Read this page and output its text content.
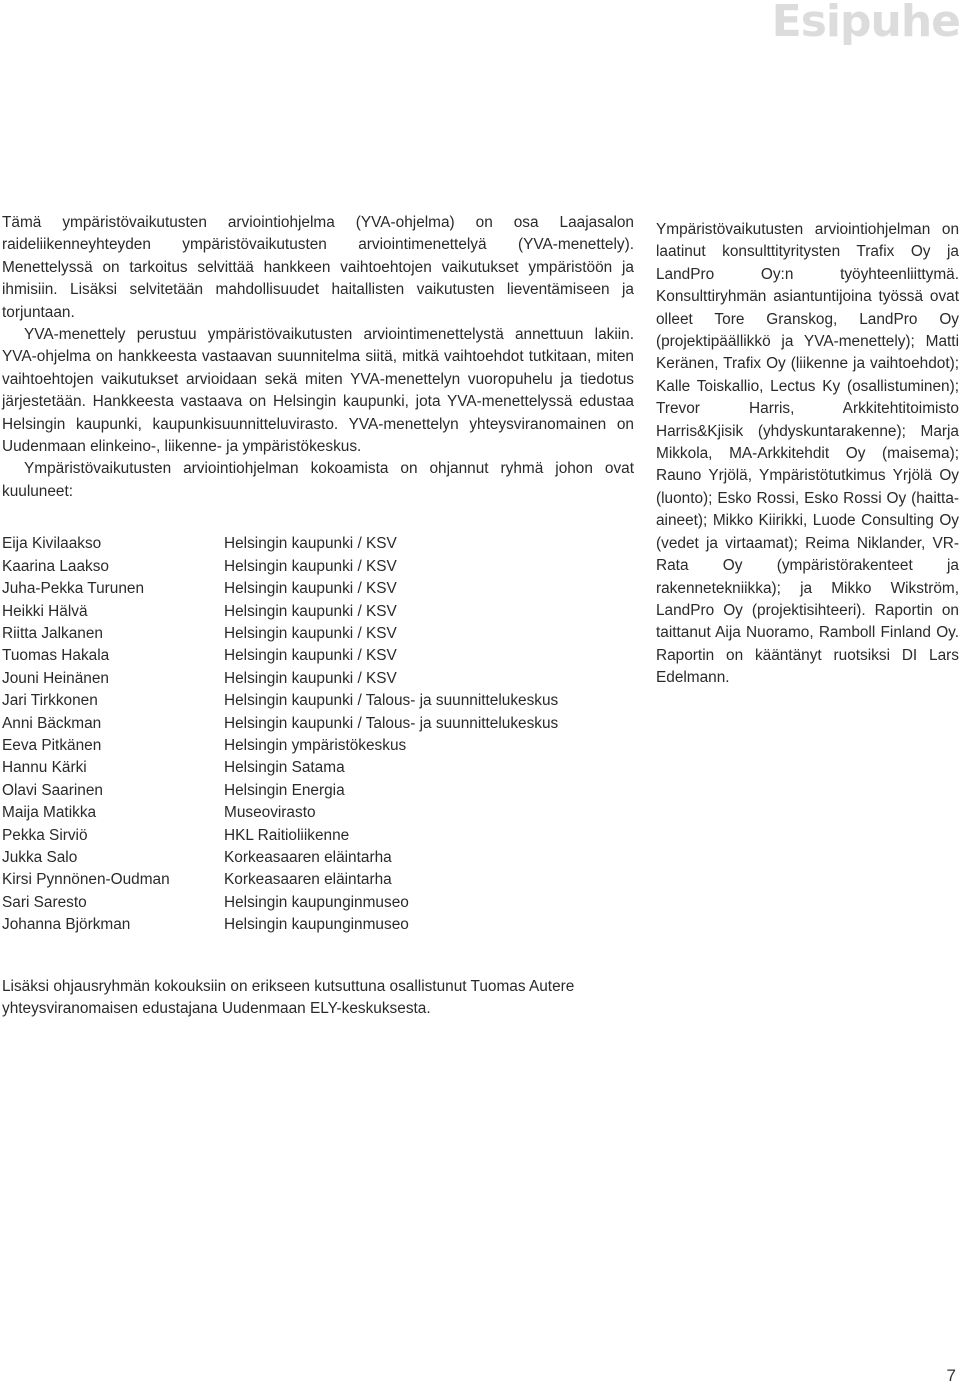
Esipuhe

Tämä ympäristövaikutusten arviointiohjelma (YVA-ohjelma) on osa Laajasalon raideliikenneyhteyden ympäristövaikutusten arviointimenettelyä (YVA-menettely). Menettelyssä on tarkoitus selvittää hankkeen vaihtoehtojen vaikutukset ympäristöön ja ihmisiin. Lisäksi selvitetään mahdollisuudet haitallisten vaikutusten lieventämiseen ja torjuntaan.

YVA-menettely perustuu ympäristövaikutusten arviointimenettelystä annettuun lakiin. YVA-ohjelma on hankkeesta vastaavan suunnitelma siitä, mitkä vaihtoehdot tutkitaan, miten vaihtoehtojen vaikutukset arvioidaan sekä miten YVA-menettelyn vuoropuhelu ja tiedotus järjestetään. Hankkeesta vastaava on Helsingin kaupunki, jota YVA-menettelyssä edustaa Helsingin kaupunki, kaupunkisuunnitteluvirasto. YVA-menettelyn yhteysviranomainen on Uudenmaan elinkeino-, liikenne- ja ympäristökeskus.

Ympäristövaikutusten arviointiohjelman kokoamista on ohjannut ryhmä johon ovat kuuluneet:

Eija Kivilaakso	Helsingin kaupunki / KSV
Kaarina Laakso	Helsingin kaupunki / KSV
Juha-Pekka Turunen	Helsingin kaupunki / KSV
Heikki Hälvä	Helsingin kaupunki / KSV
Riitta Jalkanen	Helsingin kaupunki / KSV
Tuomas Hakala	Helsingin kaupunki / KSV
Jouni Heinänen	Helsingin kaupunki / KSV
Jari Tirkkonen	Helsingin kaupunki / Talous- ja suunnittelukeskus
Anni Bäckman	Helsingin kaupunki / Talous- ja suunnittelukeskus
Eeva Pitkänen	Helsingin ympäristökeskus
Hannu Kärki	Helsingin Satama
Olavi Saarinen	Helsingin Energia
Maija Matikka	Museovirasto
Pekka Sirviö	HKL Raitioliikenne
Jukka Salo	Korkeasaaren eläintarha
Kirsi Pynnönen-Oudman	Korkeasaaren eläintarha
Sari Saresto	Helsingin kaupunginmuseo
Johanna Björkman	Helsingin kaupunginmuseo

Lisäksi ohjausryhmän kokouksiin on erikseen kutsuttuna osallistunut Tuomas Autere yhteysviranomaisen edustajana Uudenmaan ELY-keskuksesta.

Ympäristövaikutusten arviointiohjelman on laatinut konsulttityritysten Trafix Oy ja LandPro Oy:n työyhteenliittymä. Konsulttiryhmän asiantuntijoina työssä ovat olleet Tore Granskog, LandPro Oy (projektipäällikkö ja YVA-menettely); Matti Keränen, Trafix Oy (liikenne ja vaihtoehdot); Kalle Toiskallio, Lectus Ky (osallistuminen); Trevor Harris, Arkkitehtitoimisto Harris&Kjisik (yhdyskuntarakenne); Marja Mikkola, MA-Arkkitehdit Oy (maisema); Rauno Yrjölä, Ympäristötutkimus Yrjölä Oy (luonto); Esko Rossi, Esko Rossi Oy (haitta-aineet); Mikko Kiirikki, Luode Consulting Oy (vedet ja virtaamat); Reima Niklander, VR-Rata Oy (ympäristörakenteet ja rakennetekniikka); ja Mikko Wikström, LandPro Oy (projektisihteeri). Raportin on taittanut Aija Nuoramo, Ramboll Finland Oy. Raportin on kääntänyt ruotsiksi DI Lars Edelmann.

7
